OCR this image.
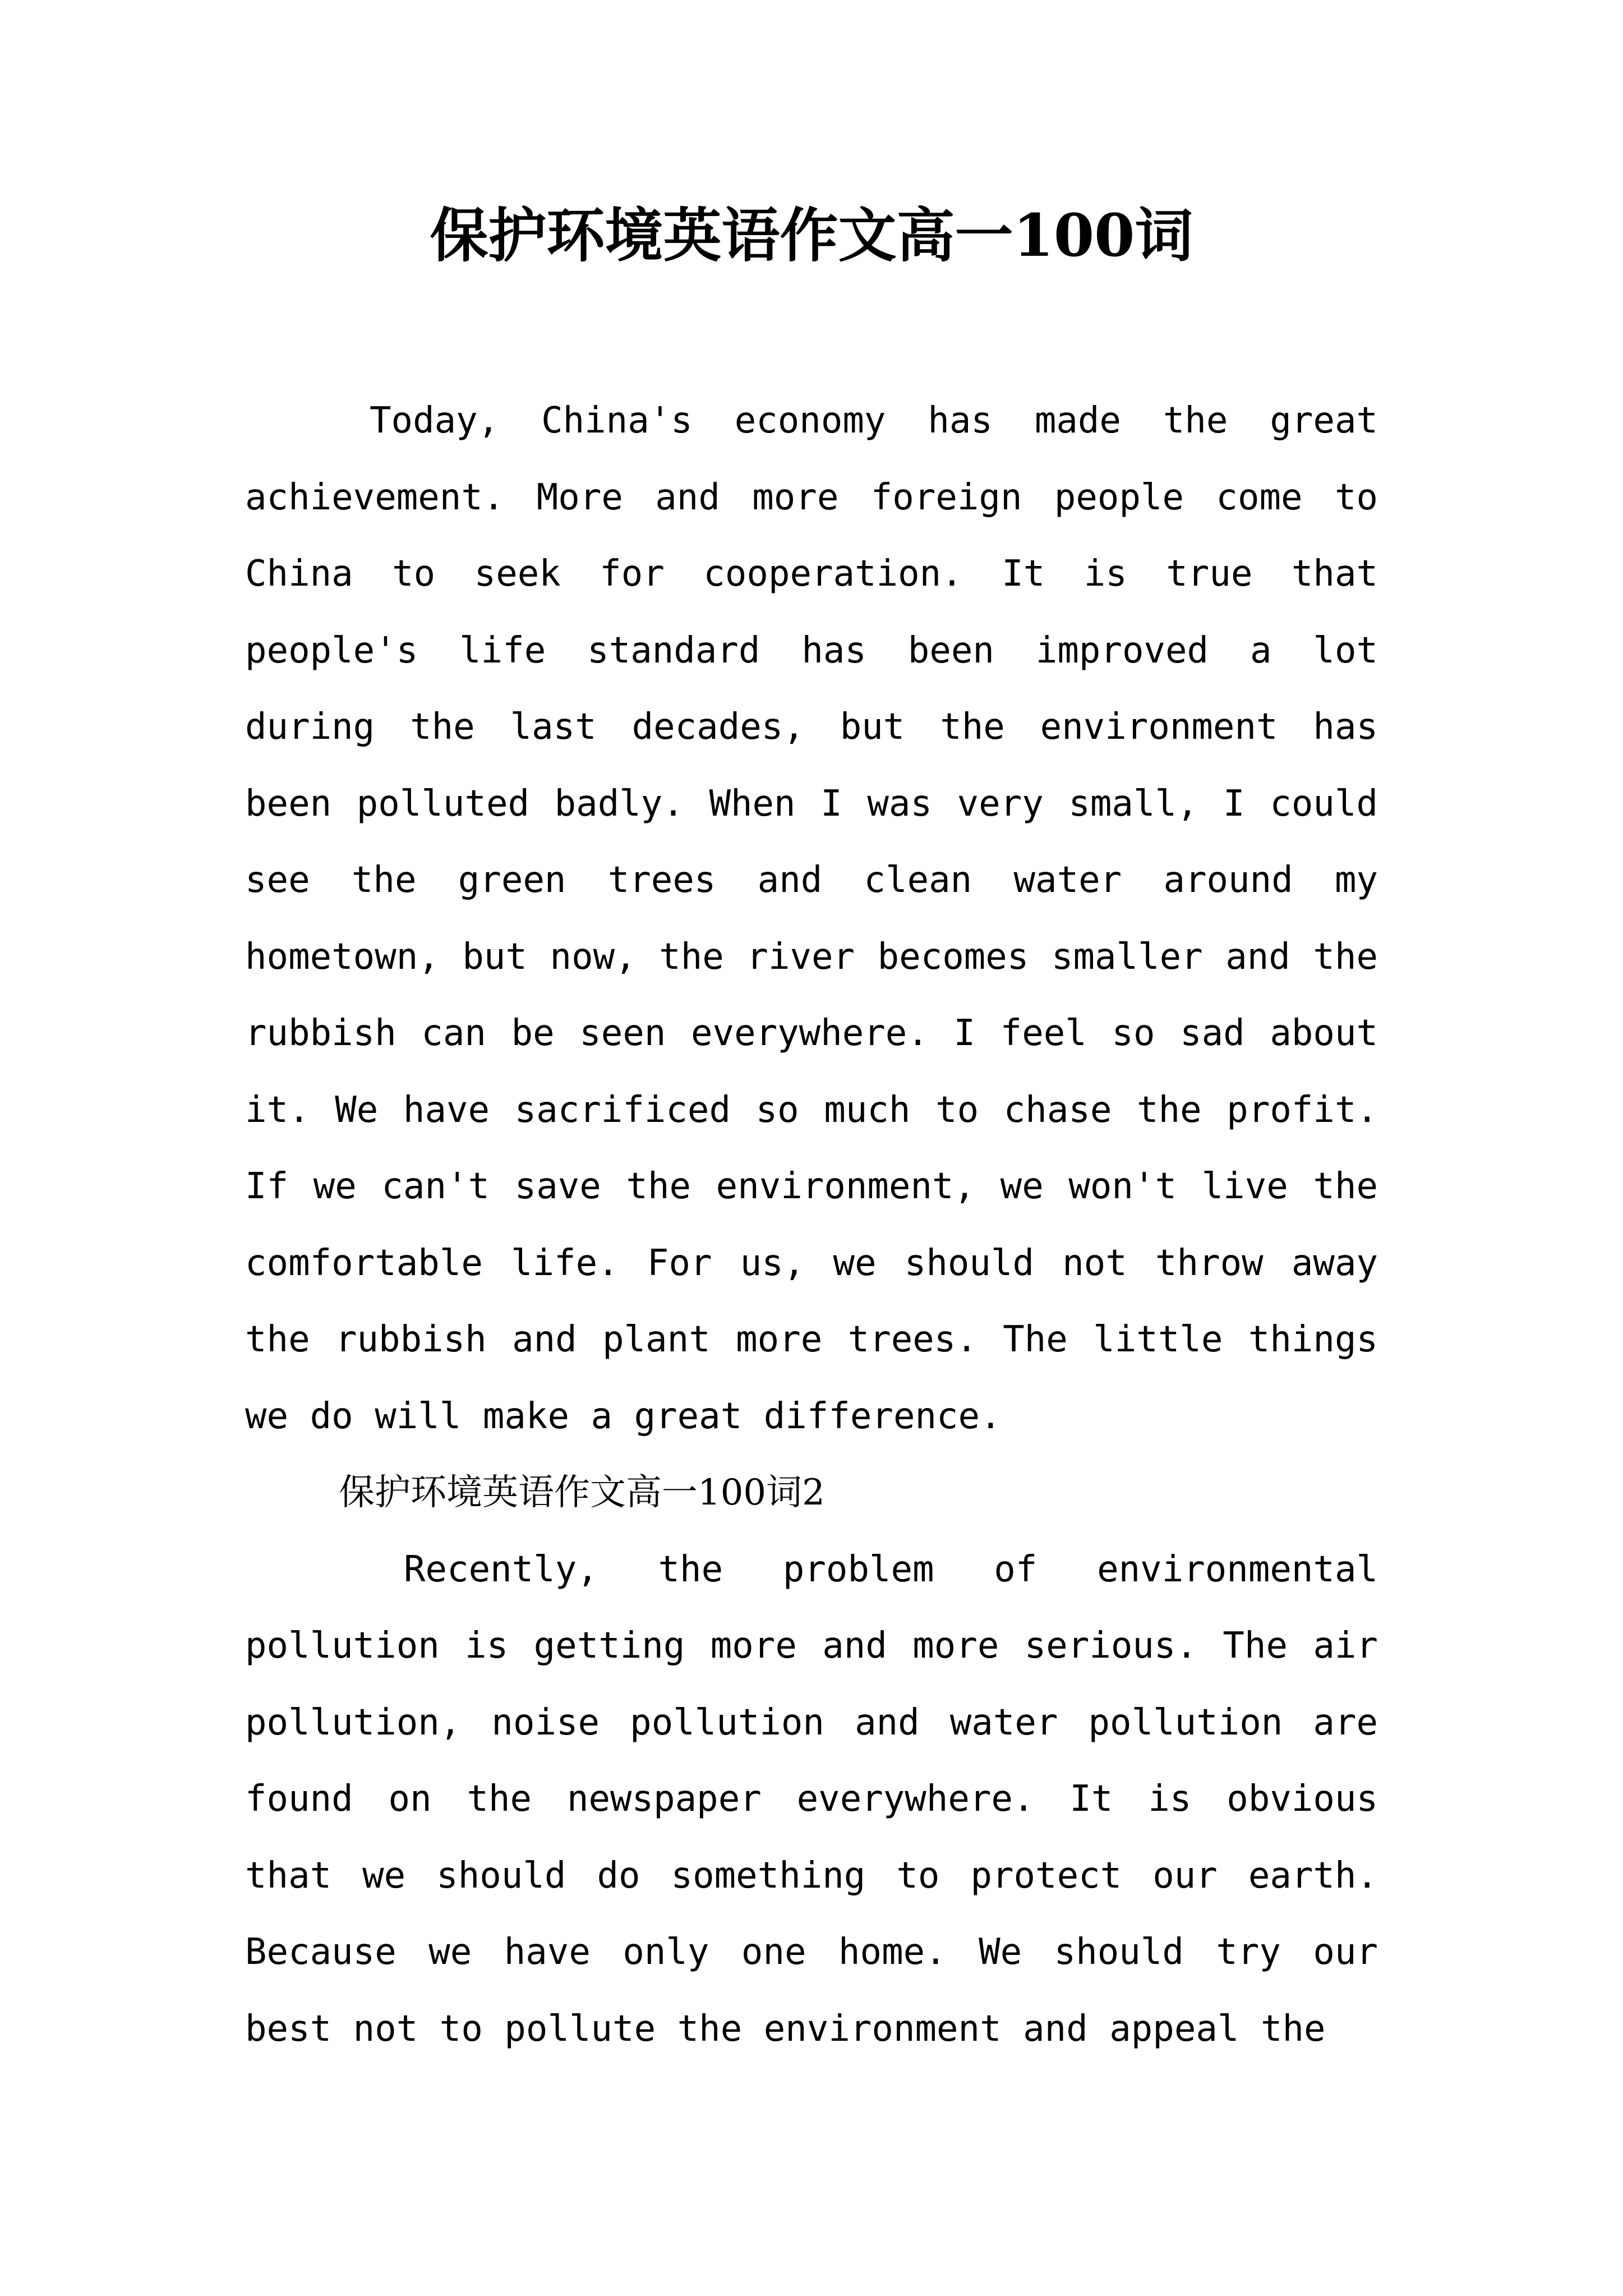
保护环境英语作文高一100词

Today, China's economy has made the great achievement. More and more foreign people come to China to seek for cooperation. It is true that people's life standard has been improved a lot during the last decades, but the environment has been polluted badly. When I was very small, I could see the green trees and clean water around my hometown, but now, the river becomes smaller and the rubbish can be seen everywhere. I feel so sad about it. We have sacrificed so much to chase the profit. If we can't save the environment, we won't live the comfortable life. For us, we should not throw away the rubbish and plant more trees. The little things we do will make a great difference.

保护环境英语作文高一100词2

Recently, the problem of environmental pollution is getting more and more serious. The air pollution, noise pollution and water pollution are found on the newspaper everywhere. It is obvious that we should do something to protect our earth. Because we have only one home. We should try our best not to pollute the environment and appeal the
